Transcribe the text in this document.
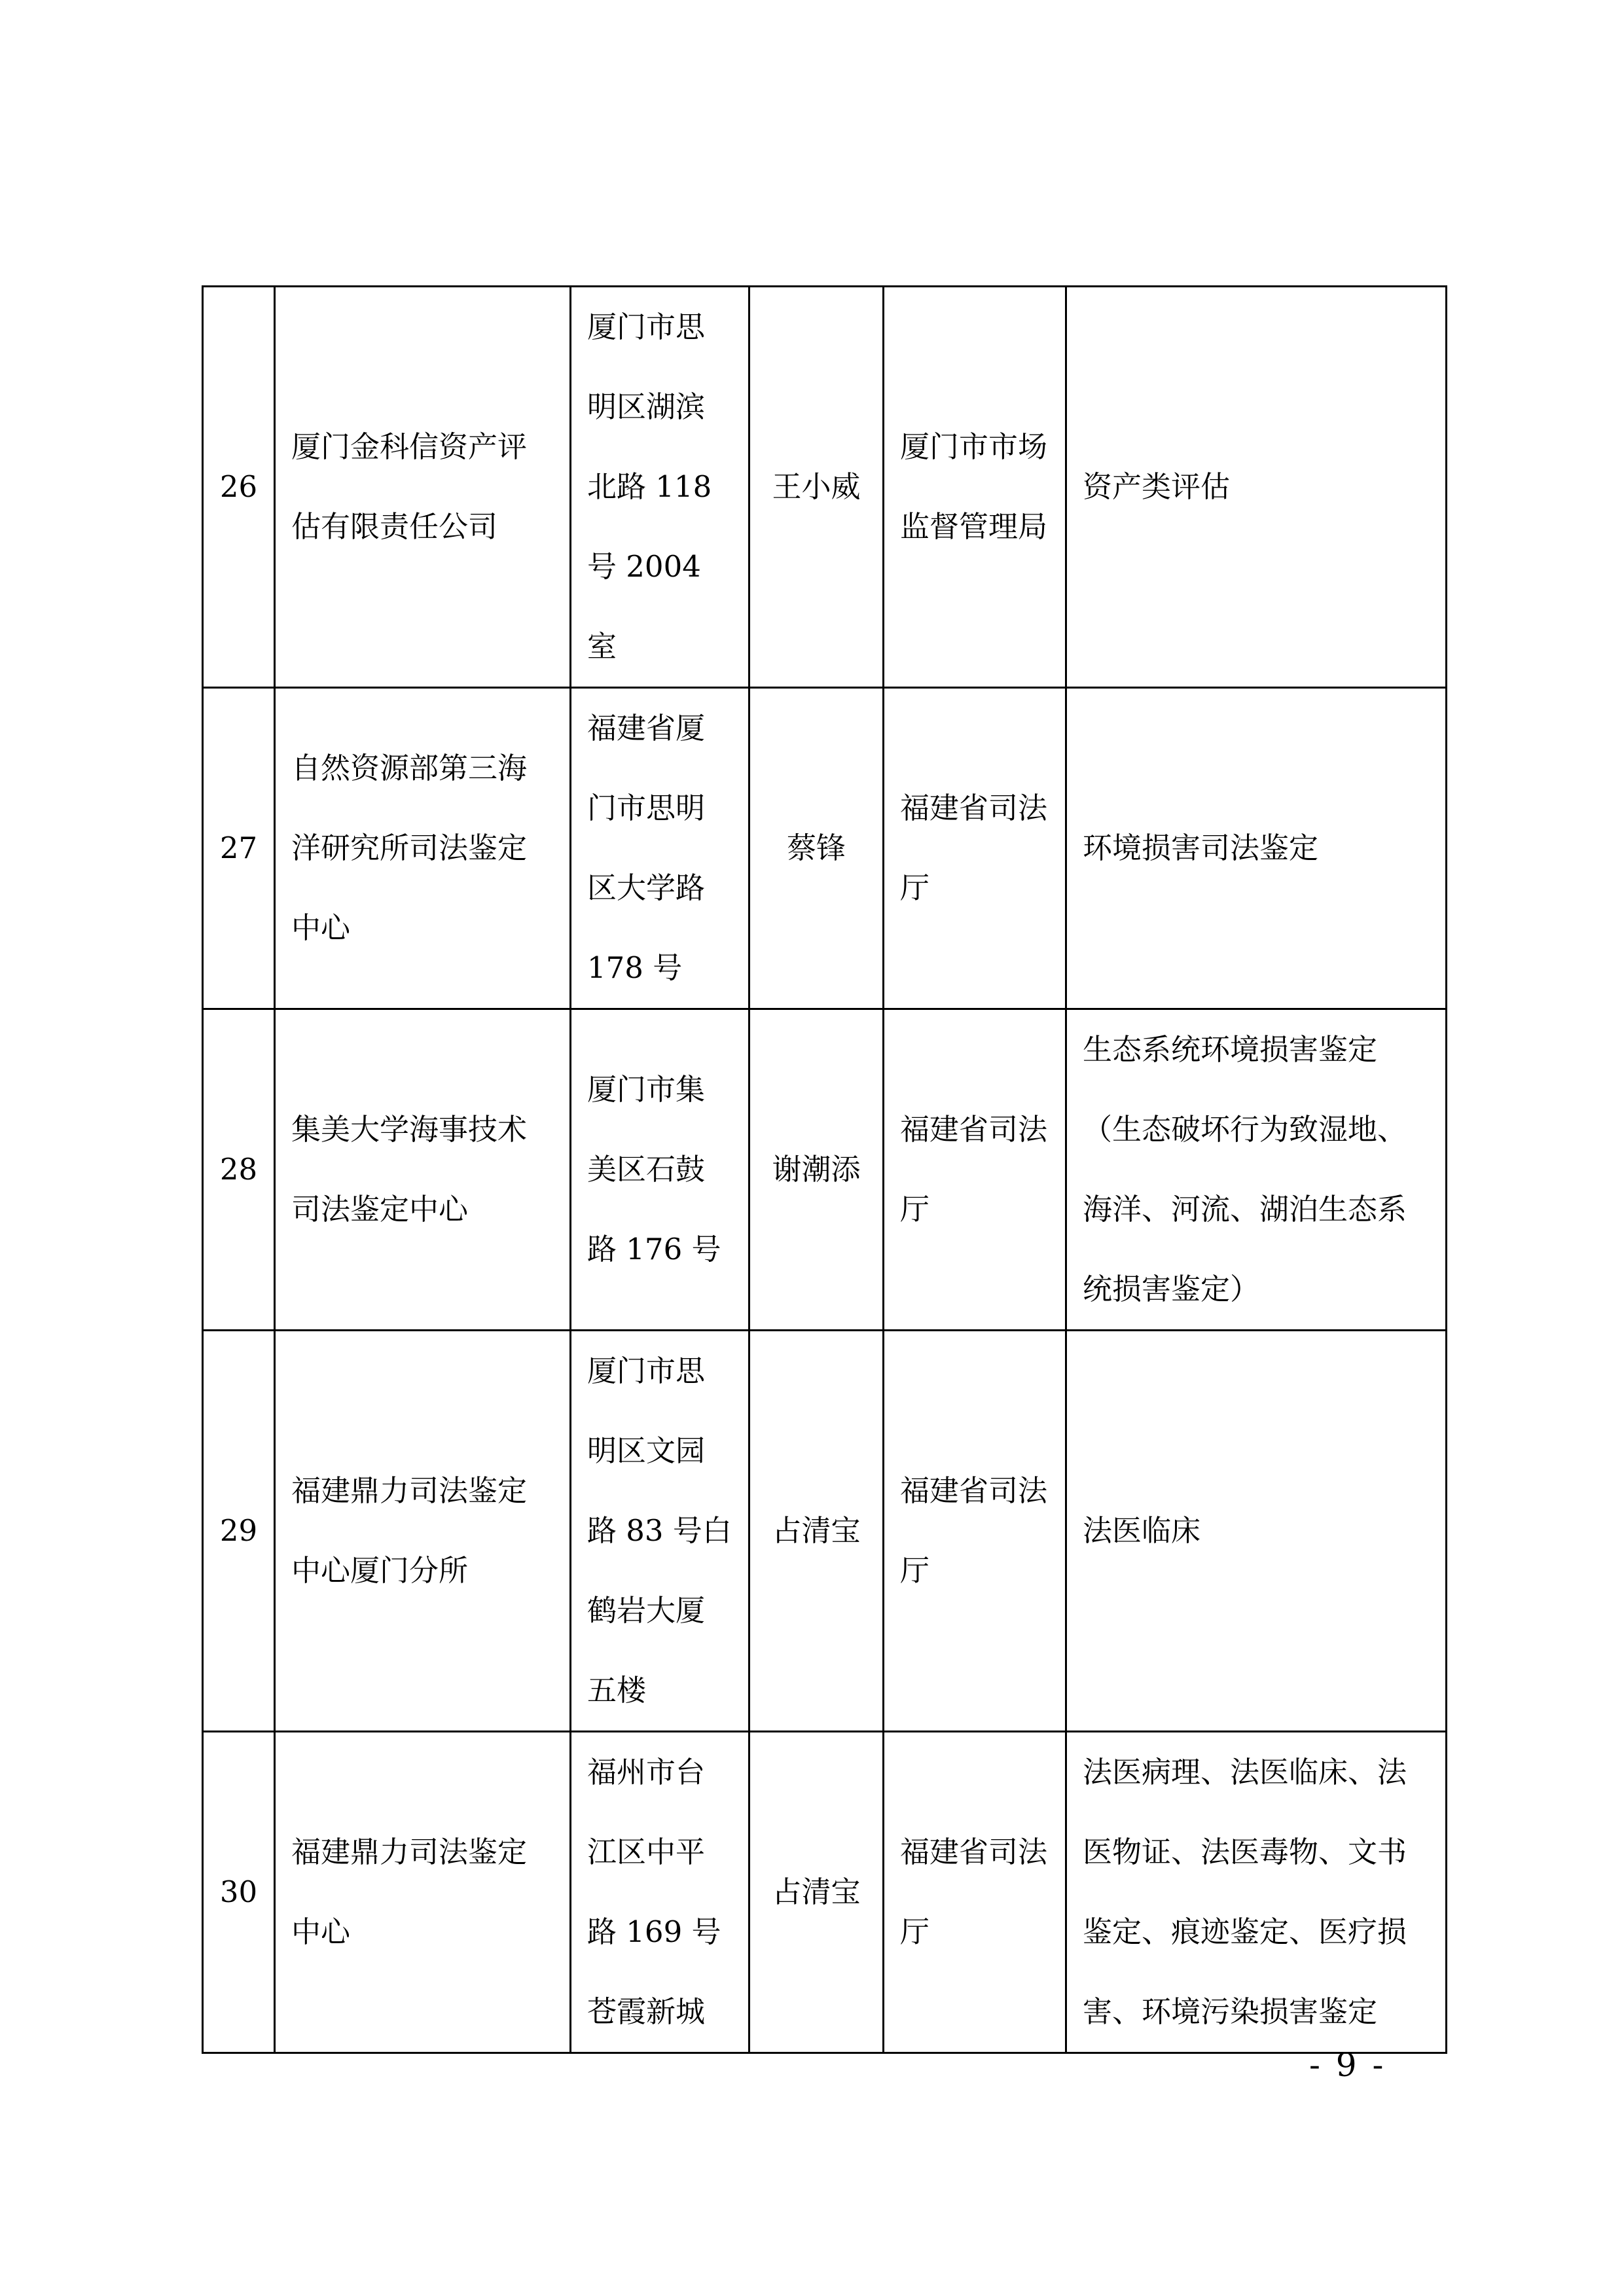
26	厦门金科信资产评估有限责任公司	厦门市思明区湖滨北路 118 号 2004 室	王小威	厦门市市场监督管理局	资产类评估
27	自然资源部第三海洋研究所司法鉴定中心	福建省厦门市思明区大学路 178 号	蔡锋	福建省司法厅	环境损害司法鉴定
28	集美大学海事技术司法鉴定中心	厦门市集美区石鼓路 176 号	谢潮添	福建省司法厅	生态系统环境损害鉴定（生态破坏行为致湿地、海洋、河流、湖泊生态系统损害鉴定）
29	福建鼎力司法鉴定中心厦门分所	厦门市思明区文园路 83 号白鹤岩大厦五楼	占清宝	福建省司法厅	法医临床
30	福建鼎力司法鉴定中心	福州市台江区中平路 169 号苍霞新城	占清宝	福建省司法厅	法医病理、法医临床、法医物证、法医毒物、文书鉴定、痕迹鉴定、医疗损害、环境污染损害鉴定
- 9 -
